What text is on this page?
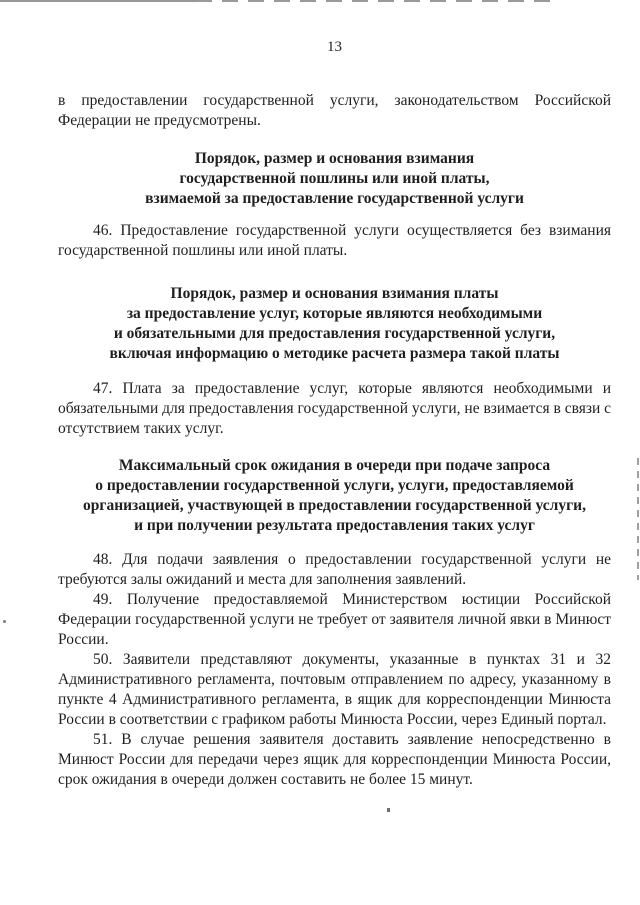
13

в предоставлении государственной услуги, законодательством Российской Федерации не предусмотрены.

Порядок, размер и основания взимания
государственной пошлины или иной платы,
взимаемой за предоставление государственной услуги

46. Предоставление государственной услуги осуществляется без взимания государственной пошлины или иной платы.

Порядок, размер и основания взимания платы
за предоставление услуг, которые являются необходимыми
и обязательными для предоставления государственной услуги,
включая информацию о методике расчета размера такой платы

47. Плата за предоставление услуг, которые являются необходимыми и обязательными для предоставления государственной услуги, не взимается в связи с отсутствием таких услуг.

Максимальный срок ожидания в очереди при подаче запроса
о предоставлении государственной услуги, услуги, предоставляемой
организацией, участвующей в предоставлении государственной услуги,
и при получении результата предоставления таких услуг

48. Для подачи заявления о предоставлении государственной услуги не требуются залы ожиданий и места для заполнения заявлений.

49. Получение предоставляемой Министерством юстиции Российской Федерации государственной услуги не требует от заявителя личной явки в Минюст России.

50. Заявители представляют документы, указанные в пунктах 31 и 32 Административного регламента, почтовым отправлением по адресу, указанному в пункте 4 Административного регламента, в ящик для корреспонденции Минюста России в соответствии с графиком работы Минюста России, через Единый портал.

51. В случае решения заявителя доставить заявление непосредственно в Минюст России для передачи через ящик для корреспонденции Минюста России, срок ожидания в очереди должен составить не более 15 минут.
